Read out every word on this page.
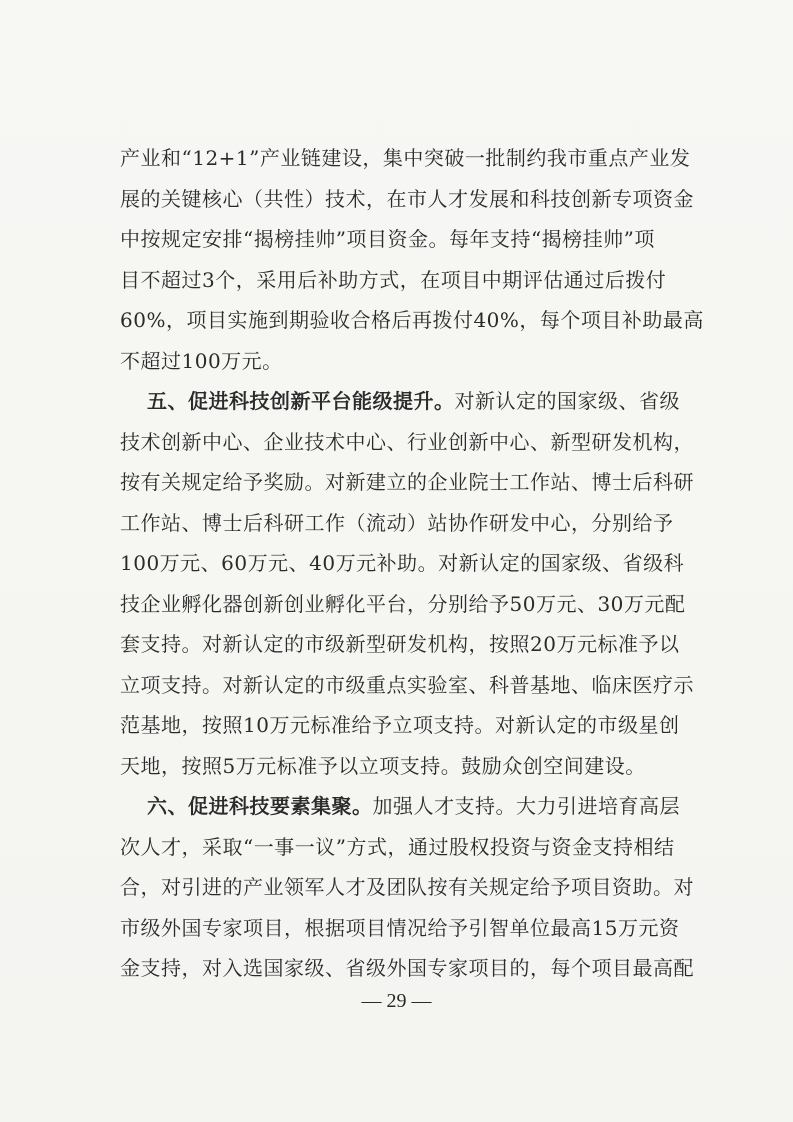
产业和“12+1”产业链建设，集中突破一批制约我市重点产业发
展的关键核心（共性）技术，在市人才发展和科技创新专项资金
中按规定安排“揭榜挂帅”项目资金。每年支持“揭榜挂帅”项
目不超过3个，采用后补助方式，在项目中期评估通过后拨付
60%，项目实施到期验收合格后再拨付40%，每个项目补助最高
不超过100万元。
五、促进科技创新平台能级提升。对新认定的国家级、省级
技术创新中心、企业技术中心、行业创新中心、新型研发机构，
按有关规定给予奖励。对新建立的企业院士工作站、博士后科研
工作站、博士后科研工作（流动）站协作研发中心，分别给予
100万元、60万元、40万元补助。对新认定的国家级、省级科
技企业孵化器创新创业孵化平台，分别给予50万元、30万元配
套支持。对新认定的市级新型研发机构，按照20万元标准予以
立项支持。对新认定的市级重点实验室、科普基地、临床医疗示
范基地，按照10万元标准给予立项支持。对新认定的市级星创
天地，按照5万元标准予以立项支持。鼓励众创空间建设。
六、促进科技要素集聚。加强人才支持。大力引进培育高层
次人才，采取“一事一议”方式，通过股权投资与资金支持相结
合，对引进的产业领军人才及团队按有关规定给予项目资助。对
市级外国专家项目，根据项目情况给予引智单位最高15万元资
金支持，对入选国家级、省级外国专家项目的，每个项目最高配
— 29 —
